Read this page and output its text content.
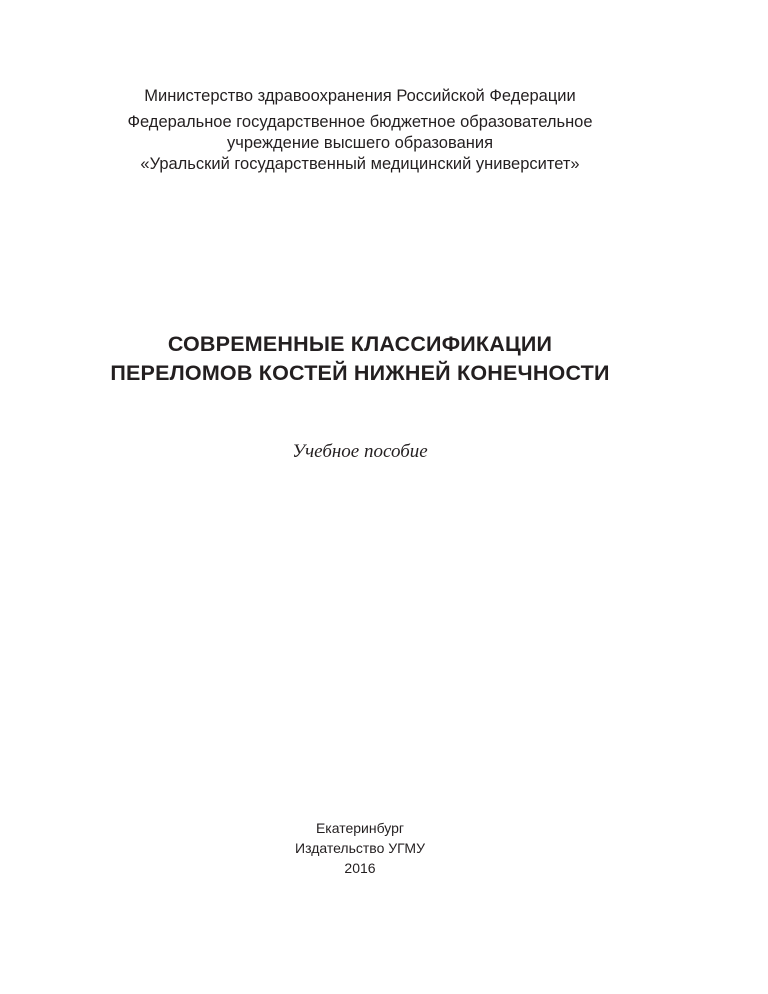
Министерство здравоохранения Российской Федерации
Федеральное государственное бюджетное образовательное
учреждение высшего образования
«Уральский государственный медицинский университет»
СОВРЕМЕННЫЕ КЛАССИФИКАЦИИ
ПЕРЕЛОМОВ КОСТЕЙ НИЖНЕЙ КОНЕЧНОСТИ
Учебное пособие
Екатеринбург
Издательство УГМУ
2016
